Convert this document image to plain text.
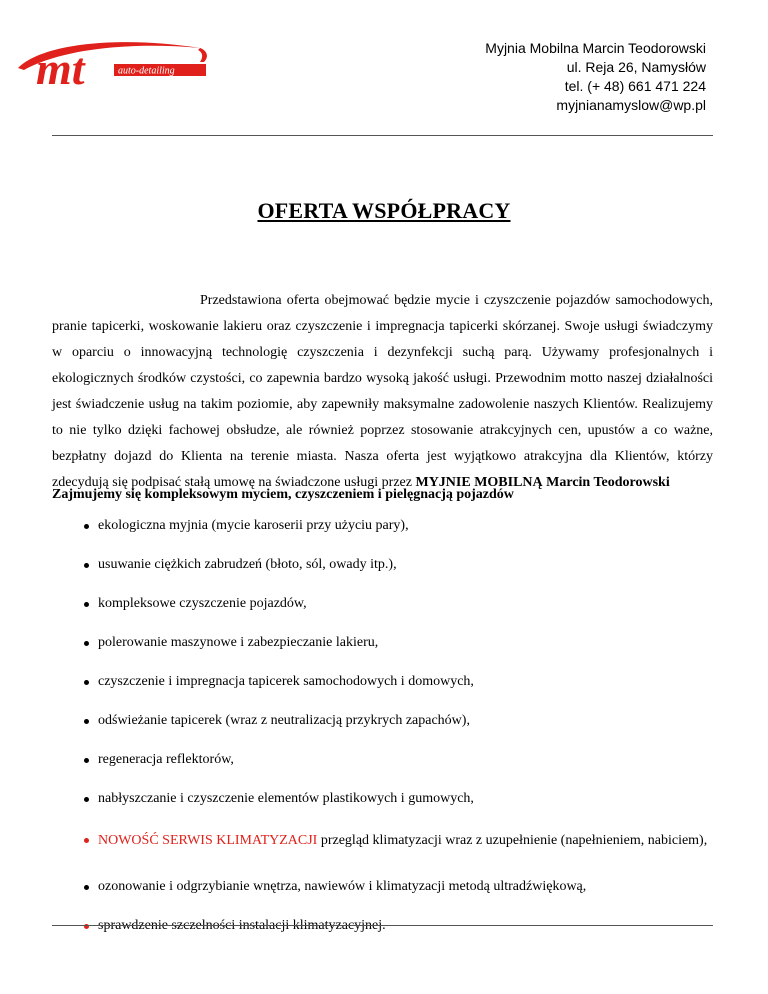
mt	auto-detailing
Myjnia Mobilna Marcin Teodorowski
ul. Reja 26, Namysłów
tel. (+ 48) 661 471 224
myjnianamyslow@wp.pl
OFERTA WSPÓŁPRACY

Przedstawiona oferta obejmować będzie mycie i czyszczenie pojazdów samochodowych, pranie tapicerki, woskowanie lakieru oraz czyszczenie i impregnacja tapicerki skórzanej. Swoje usługi świadczymy w oparciu o innowacyjną technologię czyszczenia i dezynfekcji suchą parą. Używamy profesjonalnych i ekologicznych środków czystości, co zapewnia bardzo wysoką jakość usługi. Przewodnim motto naszej działalności jest świadczenie usług na takim poziomie, aby zapewniły maksymalne zadowolenie naszych Klientów. Realizujemy to nie tylko dzięki fachowej obsłudze, ale również poprzez stosowanie atrakcyjnych cen, upustów a co ważne, bezpłatny dojazd do Klienta na terenie miasta. Nasza oferta jest wyjątkowo atrakcyjna dla Klientów, którzy zdecydują się podpisać stałą umowę na świadczone usługi przez MYJNIE MOBILNĄ Marcin Teodorowski

Zajmujemy się kompleksowym myciem, czyszczeniem i pielęgnacją pojazdów
ekologiczna myjnia (mycie karoserii przy użyciu pary),
usuwanie ciężkich zabrudzeń (błoto, sól, owady itp.),
kompleksowe czyszczenie pojazdów,
polerowanie maszynowe i zabezpieczanie lakieru,
czyszczenie i impregnacja tapicerek samochodowych i domowych,
odświeżanie tapicerek (wraz z neutralizacją przykrych zapachów),
regeneracja reflektorów,
nabłyszczanie i czyszczenie elementów plastikowych i gumowych,
NOWOŚĆ SERWIS KLIMATYZACJI przegląd klimatyzacji wraz z uzupełnienie (napełnieniem, nabiciem),
ozonowanie i odgrzybianie wnętrza, nawiewów i klimatyzacji metodą ultradźwiękową,
sprawdzenie szczelności instalacji klimatyzacyjnej.
